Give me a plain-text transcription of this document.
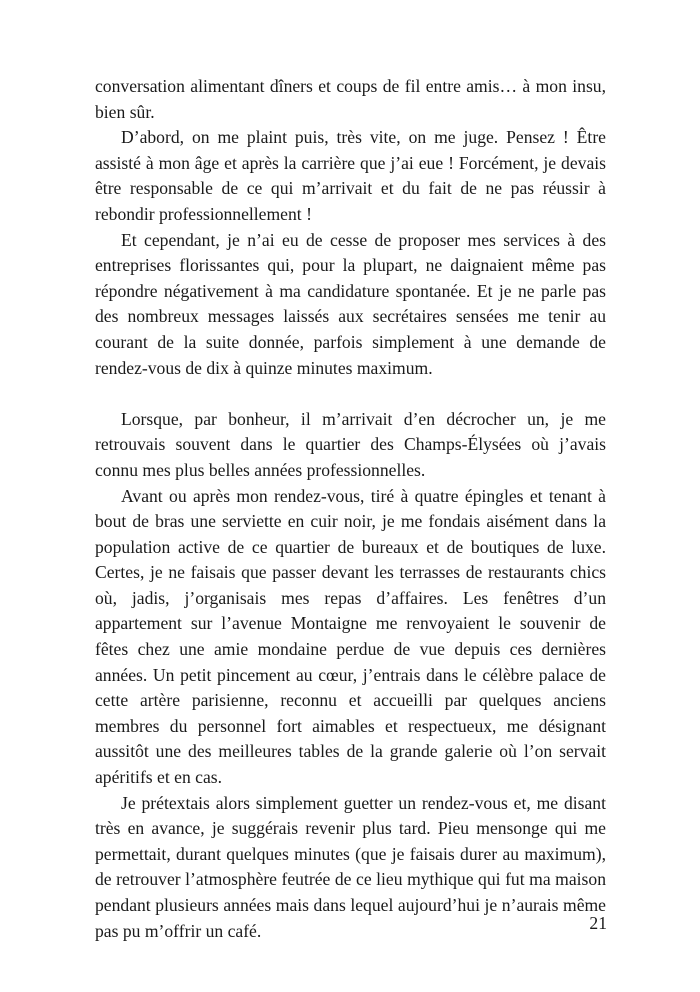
conversation alimentant dîners et coups de fil entre amis… à mon insu, bien sûr.

D’abord, on me plaint puis, très vite, on me juge. Pensez ! Être assisté à mon âge et après la carrière que j’ai eue ! Forcément, je devais être responsable de ce qui m’arrivait et du fait de ne pas réussir à rebondir professionnellement !

Et cependant, je n’ai eu de cesse de proposer mes services à des entreprises florissantes qui, pour la plupart, ne daignaient même pas répondre négativement à ma candidature spontanée. Et je ne parle pas des nombreux messages laissés aux secrétaires sensées me tenir au courant de la suite donnée, parfois simplement à une demande de rendez-vous de dix à quinze minutes maximum.

Lorsque, par bonheur, il m’arrivait d’en décrocher un, je me retrouvais souvent dans le quartier des Champs-Élysées où j’avais connu mes plus belles années professionnelles.

Avant ou après mon rendez-vous, tiré à quatre épingles et tenant à bout de bras une serviette en cuir noir, je me fondais aisément dans la population active de ce quartier de bureaux et de boutiques de luxe. Certes, je ne faisais que passer devant les terrasses de restaurants chics où, jadis, j’organisais mes repas d’affaires. Les fenêtres d’un appartement sur l’avenue Montaigne me renvoyaient le souvenir de fêtes chez une amie mondaine perdue de vue depuis ces dernières années. Un petit pincement au cœur, j’entrais dans le célèbre palace de cette artère parisienne, reconnu et accueilli par quelques anciens membres du personnel fort aimables et respectueux, me désignant aussitôt une des meilleures tables de la grande galerie où l’on servait apéritifs et en cas.

Je prétextais alors simplement guetter un rendez-vous et, me disant très en avance, je suggérais revenir plus tard. Pieu mensonge qui me permettait, durant quelques minutes (que je faisais durer au maximum), de retrouver l’atmosphère feutrée de ce lieu mythique qui fut ma maison pendant plusieurs années mais dans lequel aujourd’hui je n’aurais même pas pu m’offrir un café.	21
